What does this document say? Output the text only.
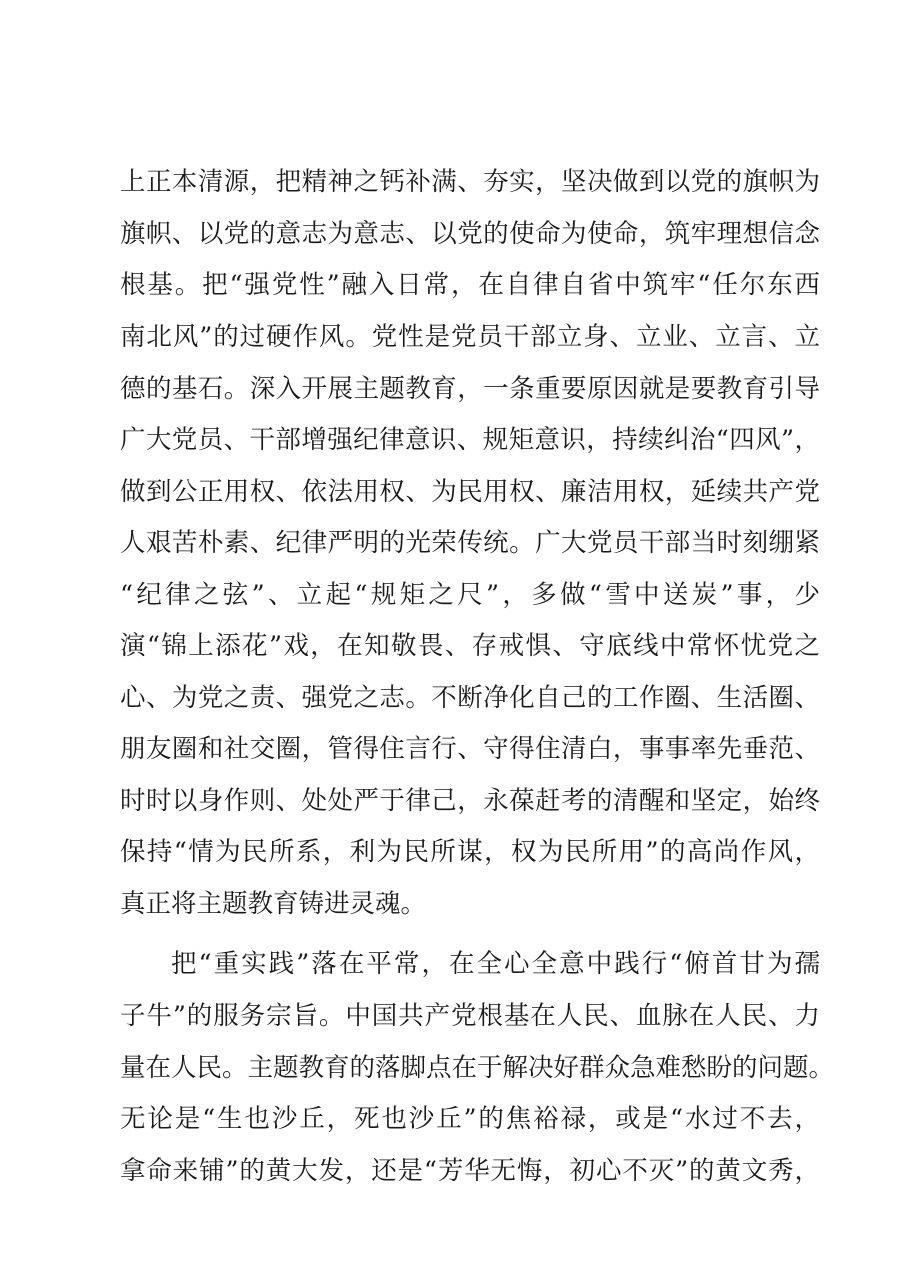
上正本清源，把精神之钙补满、夯实，坚决做到以党的旗帜为
旗帜、以党的意志为意志、以党的使命为使命，筑牢理想信念
根基。把“强党性”融入日常，在自律自省中筑牢“任尔东西
南北风”的过硬作风。党性是党员干部立身、立业、立言、立
德的基石。深入开展主题教育，一条重要原因就是要教育引导
广大党员、干部增强纪律意识、规矩意识，持续纠治“四风”，
做到公正用权、依法用权、为民用权、廉洁用权，延续共产党
人艰苦朴素、纪律严明的光荣传统。广大党员干部当时刻绷紧
“纪律之弦”、立起“规矩之尺”，多做“雪中送炭”事，少
演“锦上添花”戏，在知敬畏、存戒惧、守底线中常怀忧党之
心、为党之责、强党之志。不断净化自己的工作圈、生活圈、
朋友圈和社交圈，管得住言行、守得住清白，事事率先垂范、
时时以身作则、处处严于律己，永葆赶考的清醒和坚定，始终
保持“情为民所系，利为民所谋，权为民所用”的高尚作风，
真正将主题教育铸进灵魂。
把“重实践”落在平常，在全心全意中践行“俯首甘为孺
子牛”的服务宗旨。中国共产党根基在人民、血脉在人民、力
量在人民。主题教育的落脚点在于解决好群众急难愁盼的问题。
无论是“生也沙丘，死也沙丘”的焦裕禄，或是“水过不去，
拿命来铺”的黄大发，还是“芳华无悔，初心不灭”的黄文秀，
